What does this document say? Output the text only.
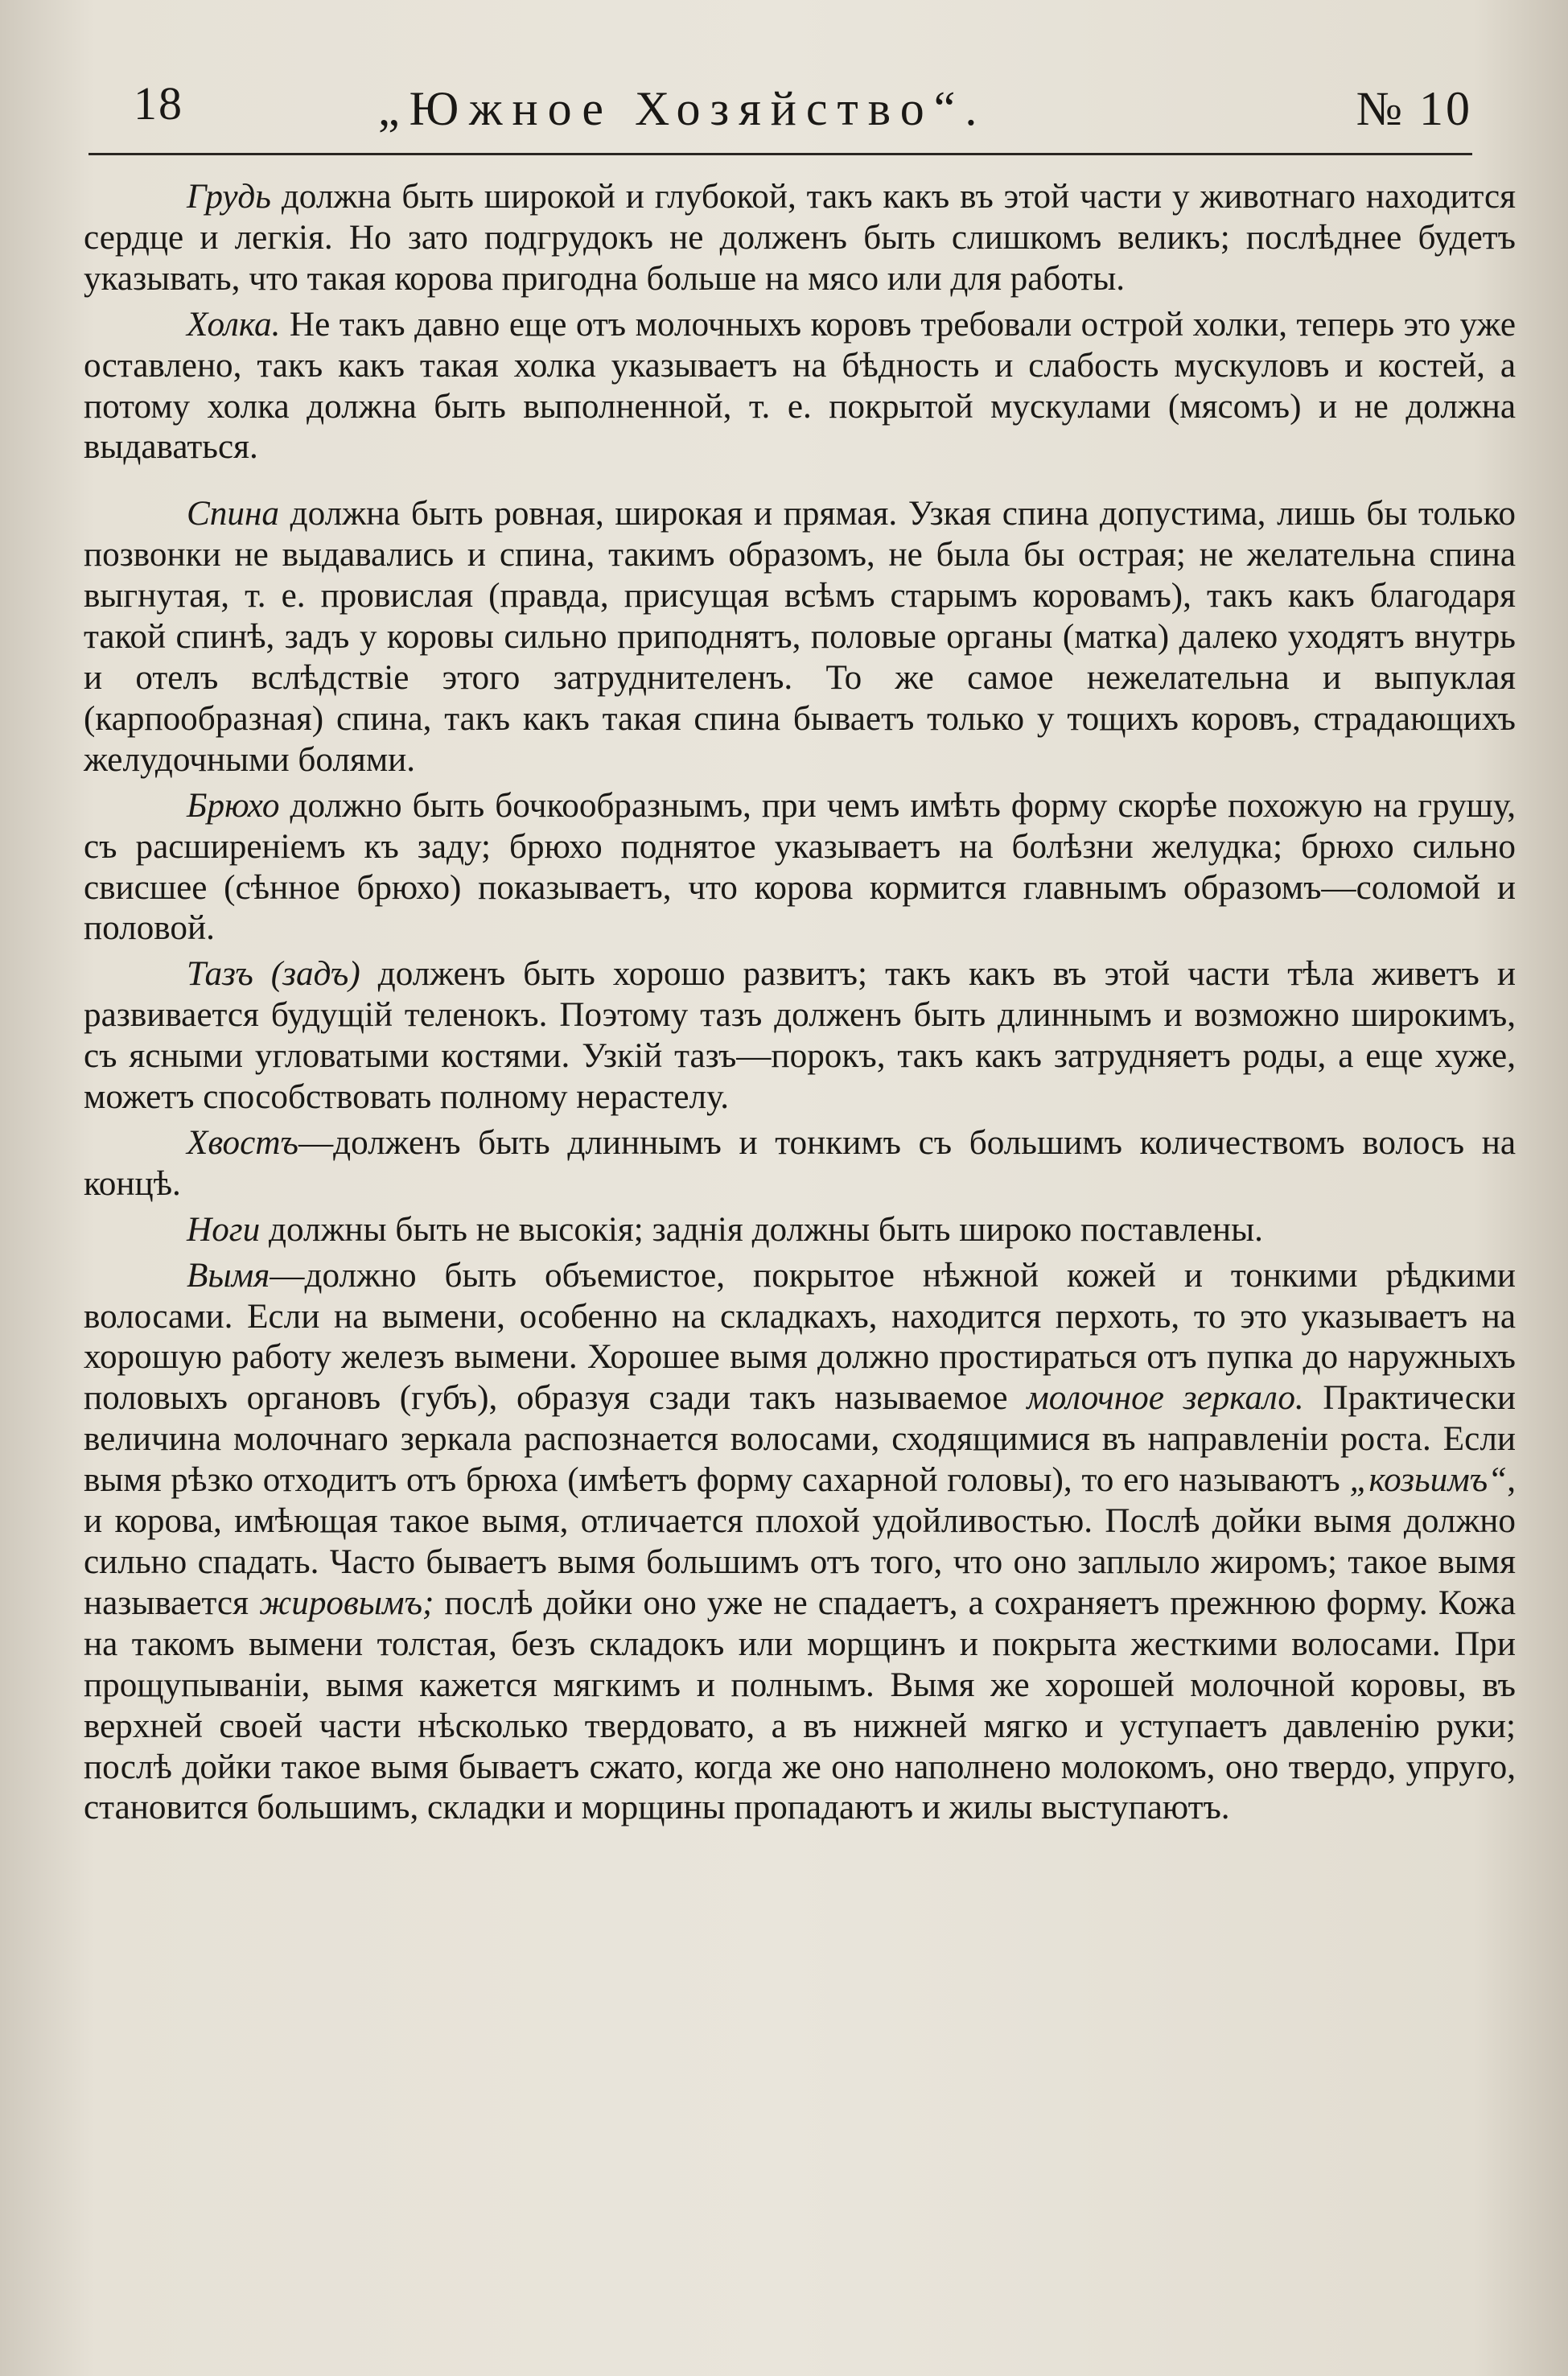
18	„Южное Хозяйство“.	№ 10

Грудь должна быть широкой и глубокой, такъ какъ въ этой части у животнаго находится сердце и легкія. Но зато подгрудокъ не долженъ быть слишкомъ великъ; послѣднее будетъ указывать, что такая корова пригодна больше на мясо или для работы.

Холка. Не такъ давно еще отъ молочныхъ коровъ требовали острой холки, теперь это уже оставлено, такъ какъ такая холка указываетъ на бѣдность и слабость мускуловъ и костей, а потому холка должна быть выполненной, т. е. покрытой мускулами (мясомъ) и не должна выдаваться.

Спина должна быть ровная, широкая и прямая. Узкая спина допустима, лишь бы только позвонки не выдавались и спина, такимъ образомъ, не была бы острая; не желательна спина выгнутая, т. е. провислая (правда, присущая всѣмъ старымъ коровамъ), такъ какъ благодаря такой спинѣ, задъ у коровы сильно приподнятъ, половые органы (матка) далеко уходятъ внутрь и отелъ вслѣдствіе этого затруднителенъ. То же самое нежелательна и выпуклая (карпообразная) спина, такъ какъ такая спина бываетъ только у тощихъ коровъ, страдающихъ желудочными болями.

Брюхо должно быть бочкообразнымъ, при чемъ имѣть форму скорѣе похожую на грушу, съ расширеніемъ къ заду; брюхо поднятое указываетъ на болѣзни желудка; брюхо сильно свисшее (сѣнное брюхо) показываетъ, что корова кормится главнымъ образомъ—соломой и половой.

Тазъ (задъ) долженъ быть хорошо развитъ; такъ какъ въ этой части тѣла живетъ и развивается будущій теленокъ. Поэтому тазъ долженъ быть длиннымъ и возможно широкимъ, съ ясными угловатыми костями. Узкій тазъ—порокъ, такъ какъ затрудняетъ роды, а еще хуже, можетъ способствовать полному нерастелу.

Хвостъ—долженъ быть длиннымъ и тонкимъ съ большимъ количествомъ волосъ на концѣ.

Ноги должны быть не высокія; заднія должны быть широко поставлены.

Вымя—должно быть объемистое, покрытое нѣжной кожей и тонкими рѣдкими волосами. Если на вымени, особенно на складкахъ, находится перхоть, то это указываетъ на хорошую работу железъ вымени. Хорошее вымя должно простираться отъ пупка до наружныхъ половыхъ органовъ (губъ), образуя сзади такъ называемое молочное зеркало. Практически величина молочнаго зеркала распознается волосами, сходящимися въ направленіи роста. Если вымя рѣзко отходитъ отъ брюха (имѣетъ форму сахарной головы), то его называютъ „козьимъ“, и корова, имѣющая такое вымя, отличается плохой удойливостью. Послѣ дойки вымя должно сильно спадать. Часто бываетъ вымя большимъ отъ того, что оно заплыло жиромъ; такое вымя называется жировымъ; послѣ дойки оно уже не спадаетъ, а сохраняетъ прежнюю форму. Кожа на такомъ вымени толстая, безъ складокъ или морщинъ и покрыта жесткими волосами. При прощупываніи, вымя кажется мягкимъ и полнымъ. Вымя же хорошей молочной коровы, въ верхней своей части нѣсколько твердовато, а въ нижней мягко и уступаетъ давленію руки; послѣ дойки такое вымя бываетъ сжато, когда же оно наполнено молокомъ, оно твердо, упруго, становится большимъ, складки и морщины пропадаютъ и жилы выступаютъ.
